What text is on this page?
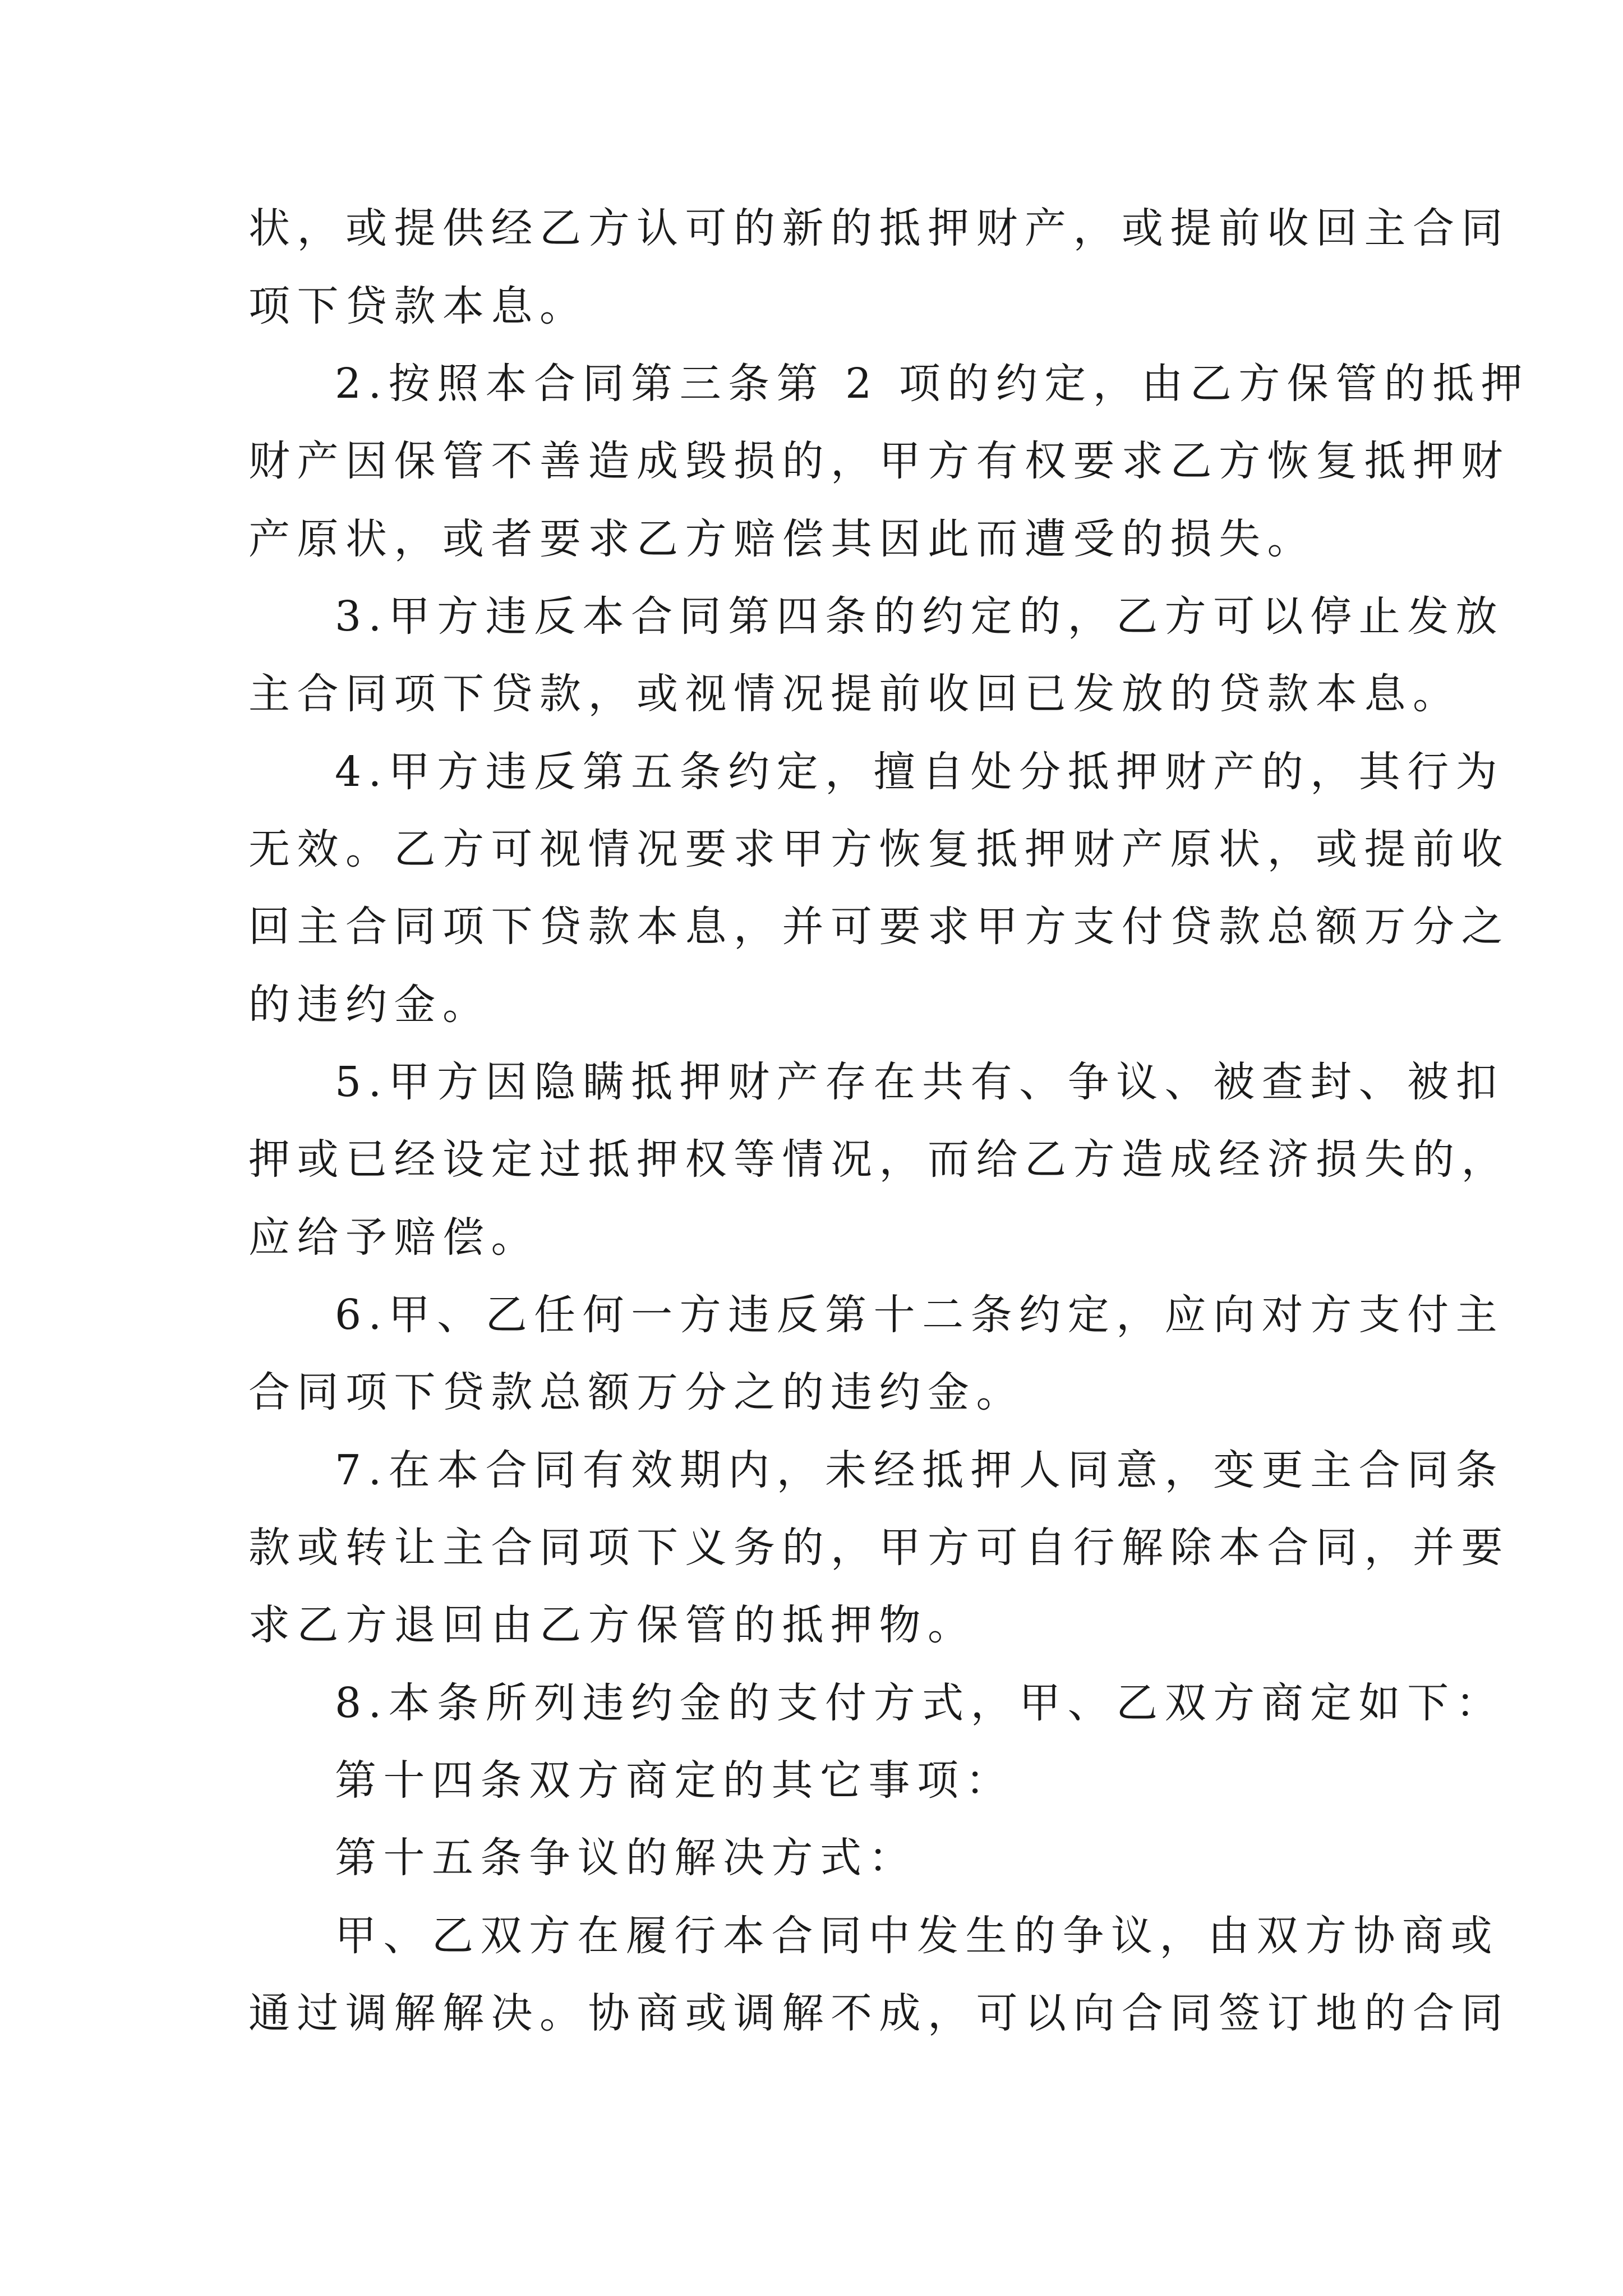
状，或提供经乙方认可的新的抵押财产，或提前收回主合同
项下贷款本息。
2.按照本合同第三条第 2 项的约定，由乙方保管的抵押
财产因保管不善造成毁损的，甲方有权要求乙方恢复抵押财
产原状，或者要求乙方赔偿其因此而遭受的损失。
3.甲方违反本合同第四条的约定的，乙方可以停止发放
主合同项下贷款，或视情况提前收回已发放的贷款本息。
4.甲方违反第五条约定，擅自处分抵押财产的，其行为
无效。乙方可视情况要求甲方恢复抵押财产原状，或提前收
回主合同项下贷款本息，并可要求甲方支付贷款总额万分之
的违约金。
5.甲方因隐瞒抵押财产存在共有、争议、被查封、被扣
押或已经设定过抵押权等情况，而给乙方造成经济损失的，
应给予赔偿。
6.甲、乙任何一方违反第十二条约定，应向对方支付主
合同项下贷款总额万分之的违约金。
7.在本合同有效期内，未经抵押人同意，变更主合同条
款或转让主合同项下义务的，甲方可自行解除本合同，并要
求乙方退回由乙方保管的抵押物。
8.本条所列违约金的支付方式，甲、乙双方商定如下：
第十四条双方商定的其它事项：
第十五条争议的解决方式：
甲、乙双方在履行本合同中发生的争议，由双方协商或
通过调解解决。协商或调解不成，可以向合同签订地的合同
